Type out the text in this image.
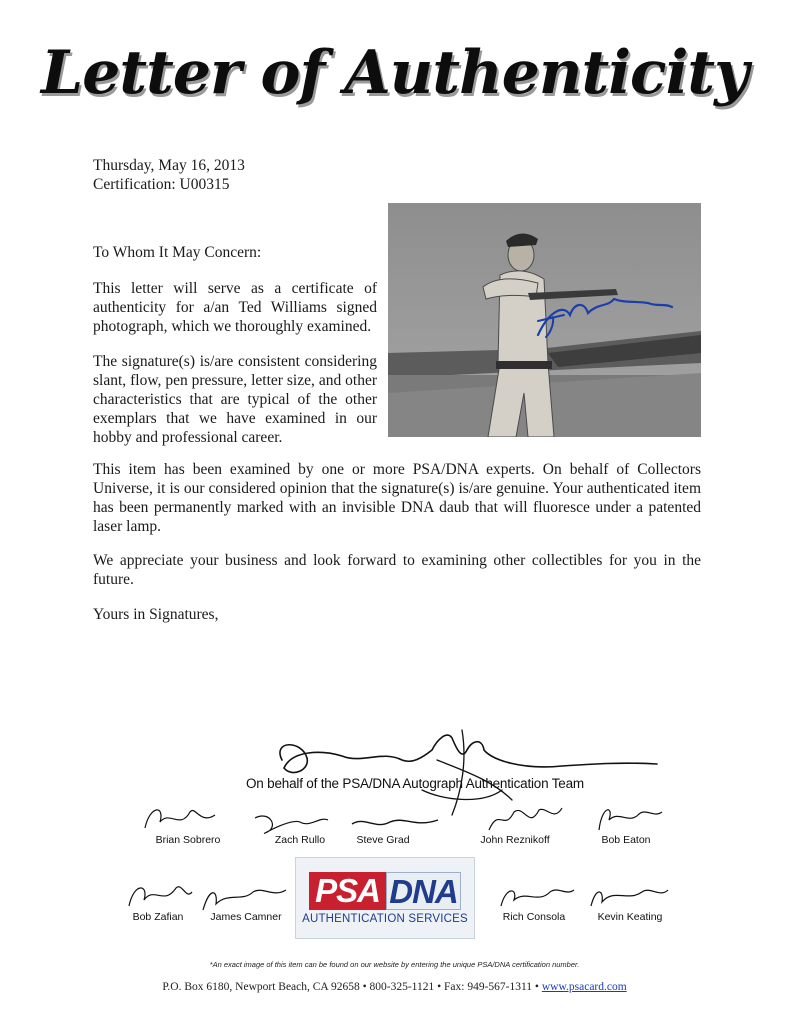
Letter of Authenticity
Thursday, May 16, 2013
Certification: U00315
To Whom It May Concern:
This letter will serve as a certificate of authenticity for a/an Ted Williams signed photograph, which we thoroughly examined.
The signature(s) is/are consistent considering slant, flow, pen pressure, letter size, and other characteristics that are typical of the other exemplars that we have examined in our hobby and professional career.
This item has been examined by one or more PSA/DNA experts. On behalf of Collectors Universe, it is our considered opinion that the signature(s) is/are genuine. Your authenticated item has been permanently marked with an invisible DNA daub that will fluoresce under a patented laser lamp.
We appreciate your business and look forward to examining other collectibles for you in the future.
Yours in Signatures,
On behalf of the PSA/DNA Autograph Authentication Team
Brian Sobrero	Zach Rullo	Steve Grad	John Reznikoff	Bob Eaton
Bob Zafian	James Camner	Rich Consola	Kevin Keating
PSA DNA
AUTHENTICATION SERVICES
*An exact image of this item can be found on our website by entering the unique PSA/DNA certification number.
P.O. Box 6180, Newport Beach, CA 92658 • 800-325-1121 • Fax: 949-567-1311 • www.psacard.com
